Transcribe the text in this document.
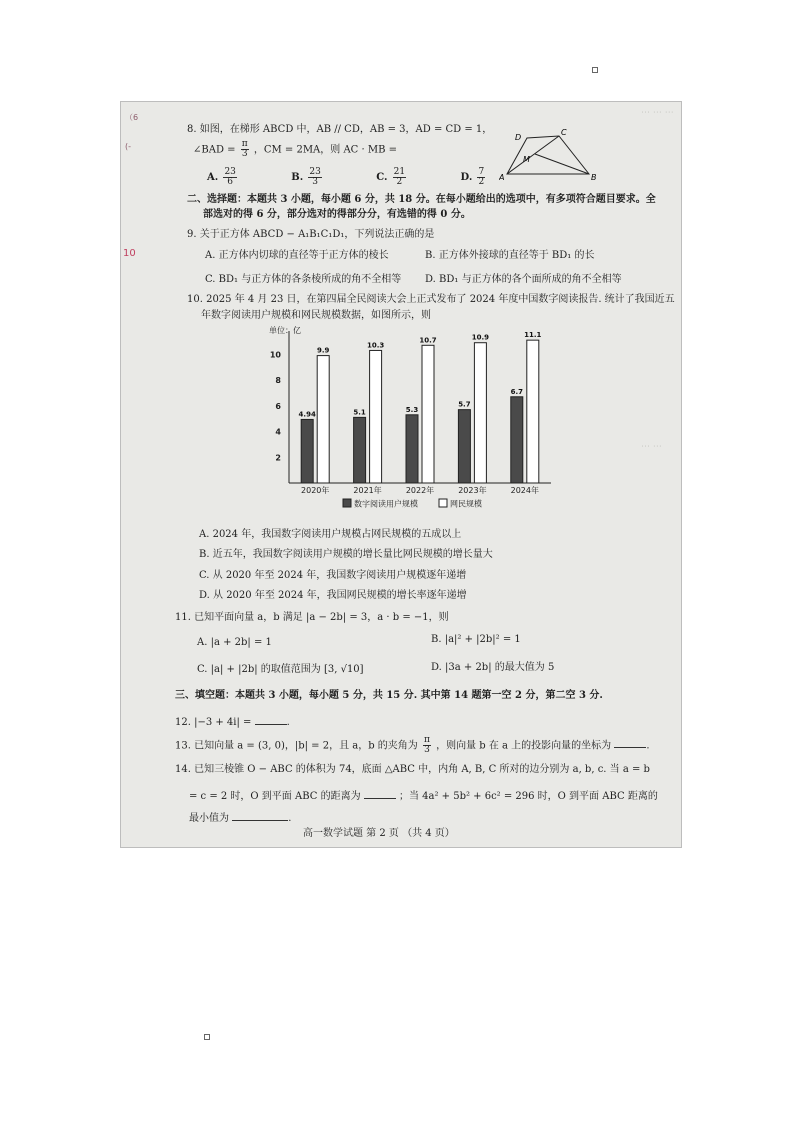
（6
(-
10
⋯ ⋯ ⋯
⋯ ⋯
8. 如图，在梯形 ABCD 中，AB // CD，AB = 3，AD = CD = 1，
∠BAD = $\frac{\pi}{3}$ ，CM = 2MA，则 AC · MB =
A. $\frac{23}{6}$	B. $\frac{23}{3}$	C. $\frac{21}{2}$	D. $\frac{7}{2}$
D
C
M
A	B
二、选择题：本题共 3 小题，每小题 6 分，共 18 分。在每小题给出的选项中，有多项符合题目要求。全
部选对的得 6 分，部分选对的得部分分，有选错的得 0 分。
9. 关于正方体 ABCD − A₁B₁C₁D₁，下列说法正确的是
A. 正方体内切球的直径等于正方体的棱长	B. 正方体外接球的直径等于 BD₁ 的长
C. BD₁ 与正方体的各条棱所成的角不全相等 D. BD₁ 与正方体的各个面所成的角不全相等
10. 2025 年 4 月 23 日，在第四届全民阅读大会上正式发布了 2024 年度中国数字阅读报告. 统计了我国近五
年数字阅读用户规模和网民规模数据，如图所示，则
单位：亿
2
4
6
8
10
4.94
9.9
2020年
5.1
10.3
2021年
5.3
10.7
2022年
5.7
10.9
2023年
6.7
11.1
2024年
数字阅读用户规模	网民规模
A. 2024 年，我国数字阅读用户规模占网民规模的五成以上
B. 近五年，我国数字阅读用户规模的增长量比网民规模的增长量大
C. 从 2020 年至 2024 年，我国数字阅读用户规模逐年递增
D. 从 2020 年至 2024 年，我国网民规模的增长率逐年递增
11. 已知平面向量 a，b 满足 |a − 2b| = 3，a · b = −1，则
A. |a + 2b| = 1	B. |a|² + |2b|² = 1
C. |a| + |2b| 的取值范围为 [3, √10]	D. |3a + 2b| 的最大值为 5
三、填空题：本题共 3 小题，每小题 5 分，共 15 分. 其中第 14 题第一空 2 分，第二空 3 分.
12. |−3 + 4i| =	.
13. 已知向量 a = (3, 0)，|b| = 2，且 a，b 的夹角为 $\frac{\pi}{3}$ ，则向量 b 在 a 上的投影向量的坐标为	.
14. 已知三棱锥 O − ABC 的体积为 74，底面 △ABC 中，内角 A, B, C 所对的边分别为 a, b, c. 当 a = b
= c = 2 时，O 到平面 ABC 的距离为	；当 4a² + 5b² + 6c² = 296 时，O 到平面 ABC 距离的
最小值为	.
高一数学试题 第 2 页 （共 4 页）
